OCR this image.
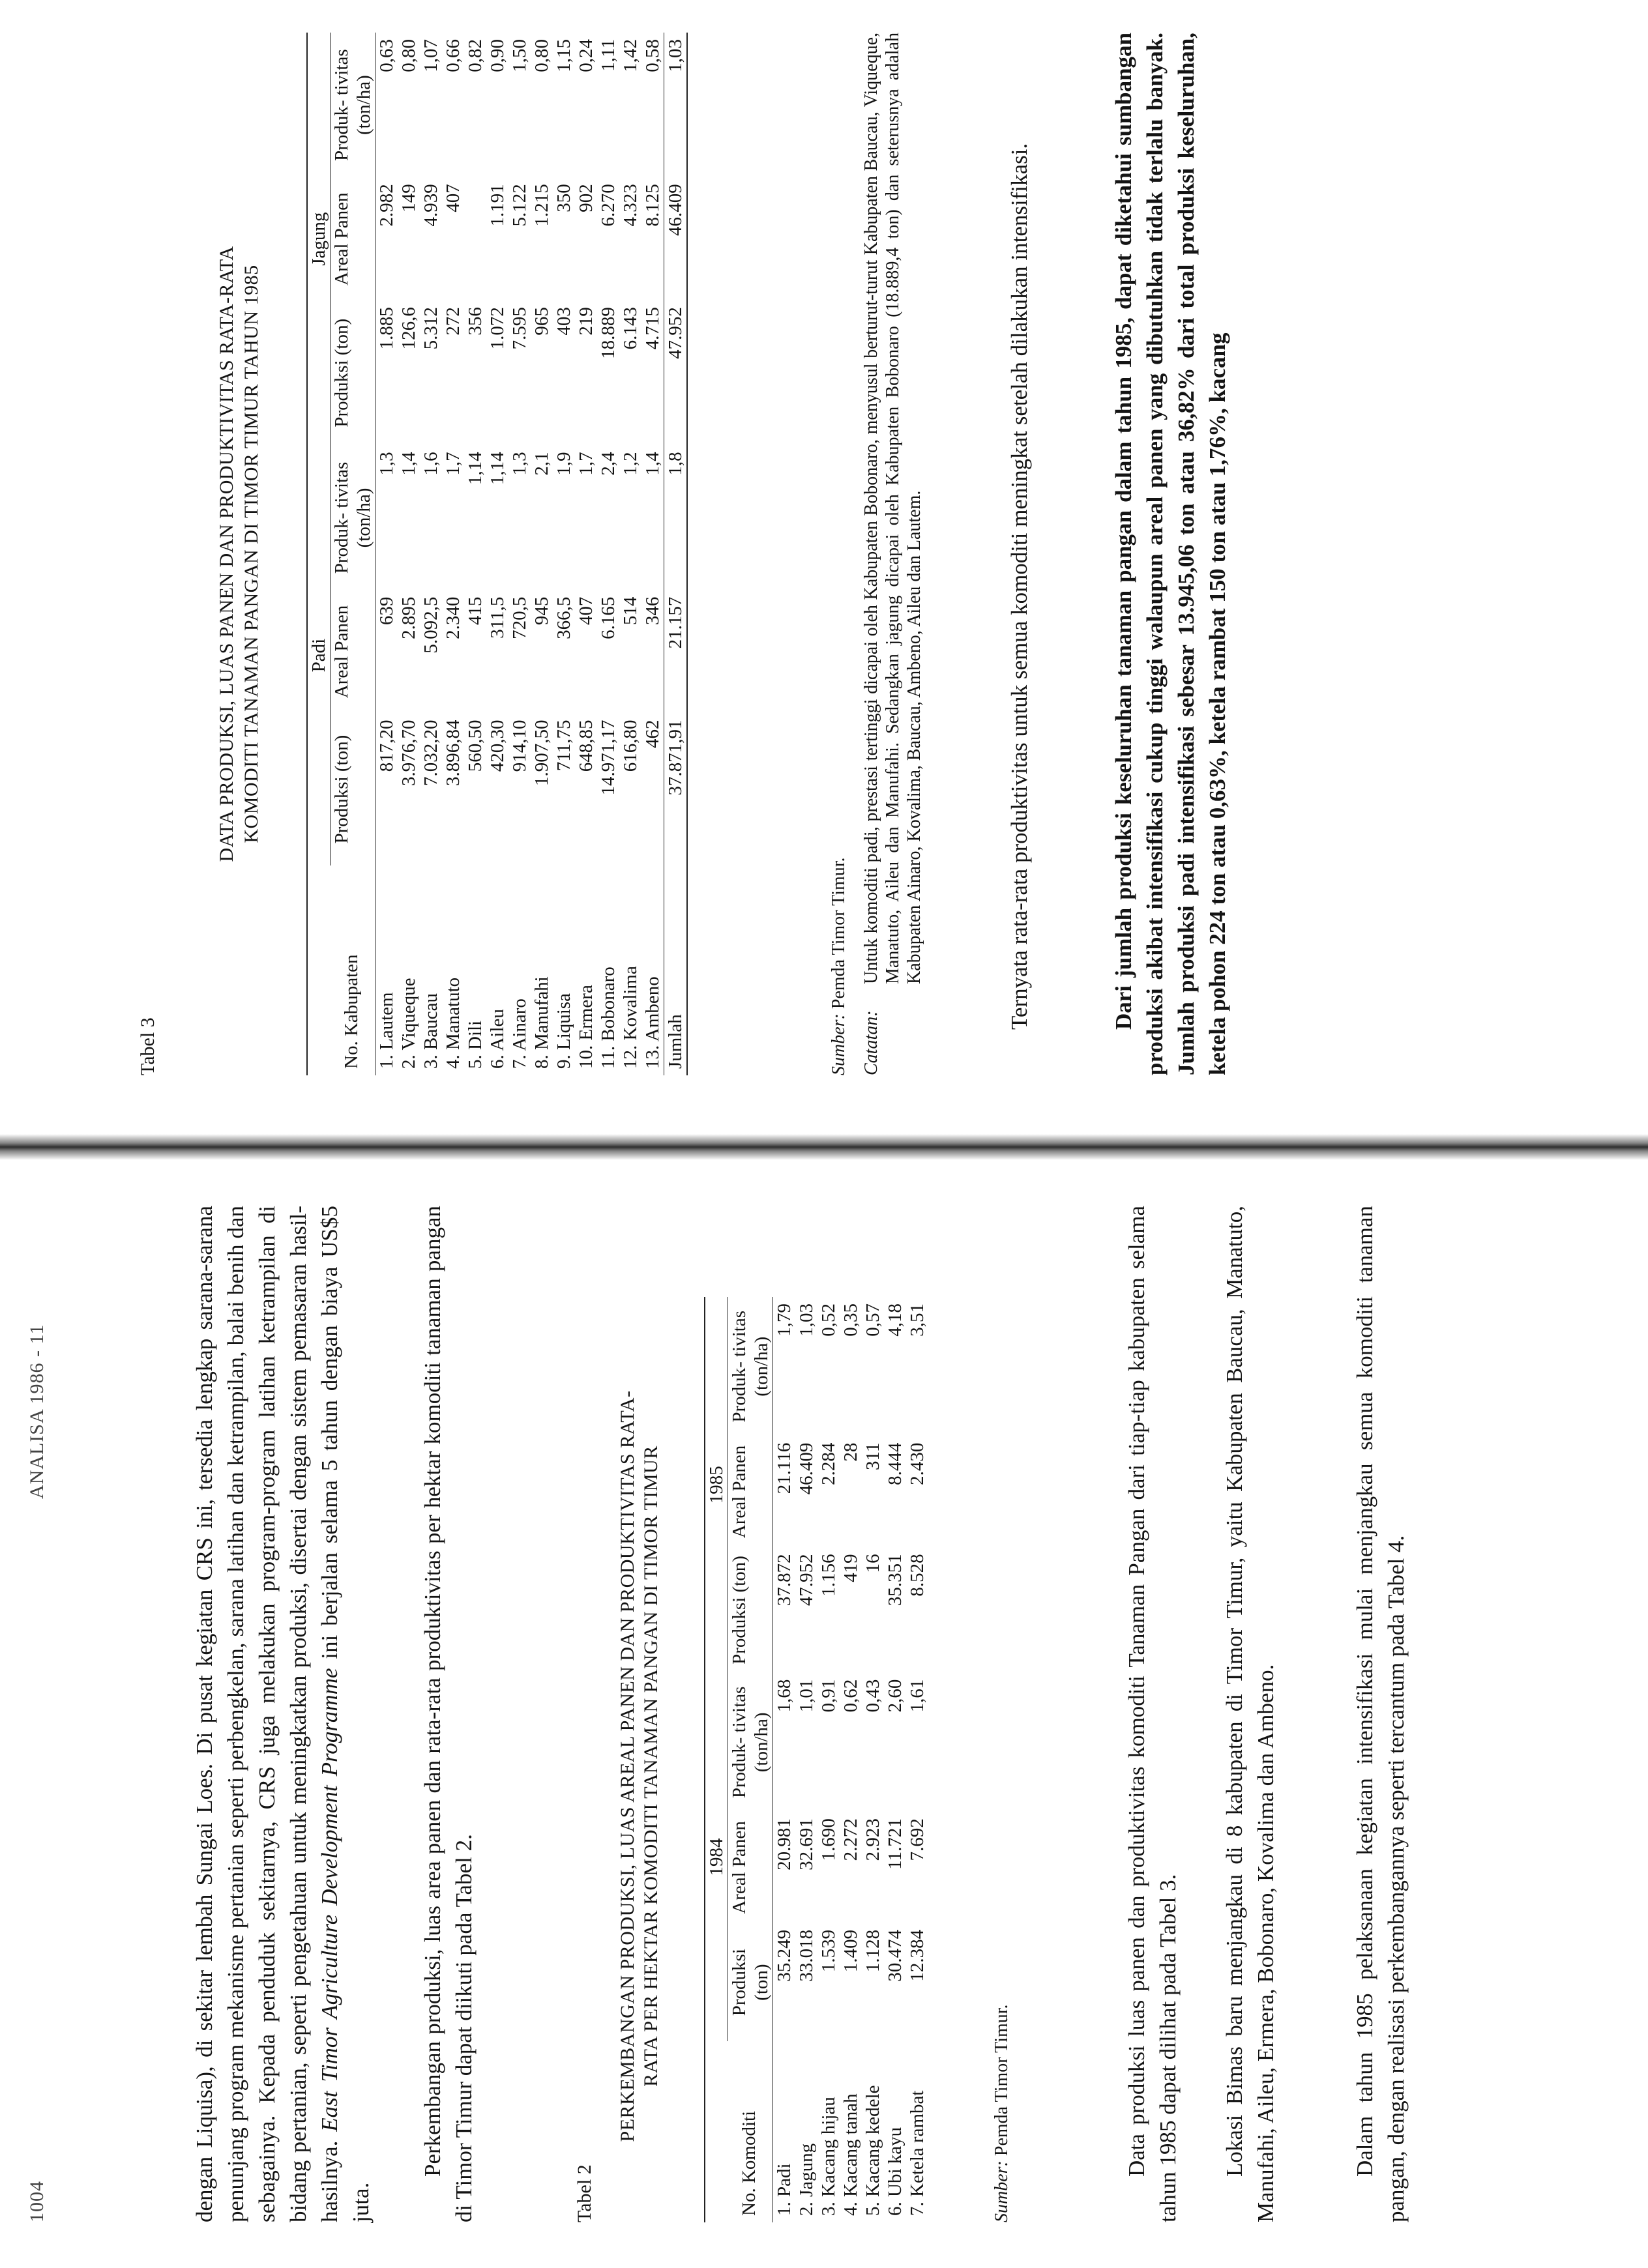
1004
ANALISA 1986 - 11	dengan Liquisa), di sekitar lembah Sungai Loes. Di pusat kegiatan CRS ini, tersedia lengkap sarana-sarana penunjang program mekanisme pertanian seperti perbengkelan, sarana latihan dan ketrampilan, balai benih dan sebagainya. Kepada penduduk sekitarnya, CRS juga melakukan program-program latihan ketrampilan di bidang pertanian, seperti pengetahuan untuk meningkatkan produksi, disertai dengan sistem pemasaran hasil-hasilnya. East Timor Agriculture Development Programme ini berjalan selama 5 tahun dengan biaya US$5 juta.
Perkembangan produksi, luas area panen dan rata-rata produktivitas per hektar komoditi tanaman pangan di Timor Timur dapat diikuti pada Tabel 2.	Tabel 2
PERKEMBANGAN PRODUKSI, LUAS AREAL PANEN DAN PRODUKTIVITAS RATA-RATA PER HEKTAR KOMODITI TANAMAN PANGAN DI TIMOR TIMUR
No. Komoditi	1984			1985		
	Produksi (ton)	Areal Panen	Produk- tivitas (ton/ha)	Produksi (ton)	Areal Panen	Produk- tivitas (ton/ha)
1. Padi	35.249	20.981	1,68	37.872	21.116	1,79
2. Jagung	33.018	32.691	1,01	47.952	46.409	1,03
3. Kacang hijau	1.539	1.690	0,91	1.156	2.284	0,52
4. Kacang tanah	1.409	2.272	0,62	419	28	0,35
5. Kacang kedele	1.128	2.923	0,43	16	311	0,57
6. Ubi kayu	30.474	11.721	2,60	35.351	8.444	4,18
7. Ketela rambat	12.384	7.692	1,61	8.528	2.430	3,51
Sumber: Pemda Timor Timur.	Data produksi luas panen dan produktivitas komoditi Tanaman Pangan dari tiap-tiap kabupaten selama tahun 1985 dapat dilihat pada Tabel 3. Lokasi Bimas baru menjangkau di 8 kabupaten di Timor Timur, yaitu Kabupaten Baucau, Manatuto, Manufahi, Aileu, Ermera, Bobonaro, Kovalima dan Ambeno.	Dalam tahun 1985 pelaksanaan kegiatan intensifikasi mulai menjangkau semua komoditi tanaman pangan, dengan realisasi perkembangannya seperti tercantum pada Tabel 4.
Tabel 3
DATA PRODUKSI, LUAS PANEN DAN PRODUKTIVITAS RATA-RATA KOMODITI TANAMAN PANGAN DI TIMOR TIMUR TAHUN 1985
No. Kabupaten	Padi			Jagung		
	Produksi (ton)	Areal Panen	Produk- tivitas (ton/ha)	Produksi (ton)	Areal Panen	Produk- tivitas (ton/ha)
1. Lautem	817,20	639	1,3	1.885	2.982	0,63
2. Viqueque	3.976,70	2.895	1,4	126,6	149	0,80
3. Baucau	7.032,20	5.092,5	1,6	5.312	4.939	1,07
4. Manatuto	3.896,84	2.340	1,7	272	407	0,66
5. Dili	560,50	415	1,14	356		0,82
6. Aileu	420,30	311,5	1,14	1.072	1.191	0,90
7. Ainaro	914,10	720,5	1,3	7.595	5.122	1,50
8. Manufahi	1.907,50	945	2,1	965	1.215	0,80
9. Liquisa	711,75	366,5	1,9	403	350	1,15
10. Ermera	648,85	407	1,7	219	902	0,24
11. Bobonaro	14.971,17	6.165	2,4	18.889	6.270	1,11
12. Kovalima	616,80	514	1,2	6.143	4.323	1,42
13. Ambeno	462	346	1,4	4.715	8.125	0,58
Jumlah	37.871,91	21.157	1,8	47.952	46.409	1,03
Sumber: Pemda Timor Timur.
Catatan:
Untuk komoditi padi, prestasi tertinggi dicapai oleh Kabupaten Bobonaro, menyusul berturut-turut Kabupaten Baucau, Viqueque, Manatuto, Aileu dan Manufahi. Sedangkan jagung dicapai oleh Kabupaten Bobonaro (18.889,4 ton) dan seterusnya adalah Kabupaten Ainaro, Kovalima, Baucau, Ambeno, Aileu dan Lautem.	Ternyata rata-rata produktivitas untuk semua komoditi meningkat setelah dilakukan intensifikasi.	Dari jumlah produksi keseluruhan tanaman pangan dalam tahun 1985, dapat diketahui sumbangan produksi akibat intensifikasi cukup tinggi walaupun areal panen yang dibutuhkan tidak terlalu banyak. Jumlah produksi padi intensifikasi sebesar 13.945,06 ton atau 36,82% dari total produksi keseluruhan, ketela pohon 224 ton atau 0,63%, ketela rambat 150 ton atau 1,76%, kacang
